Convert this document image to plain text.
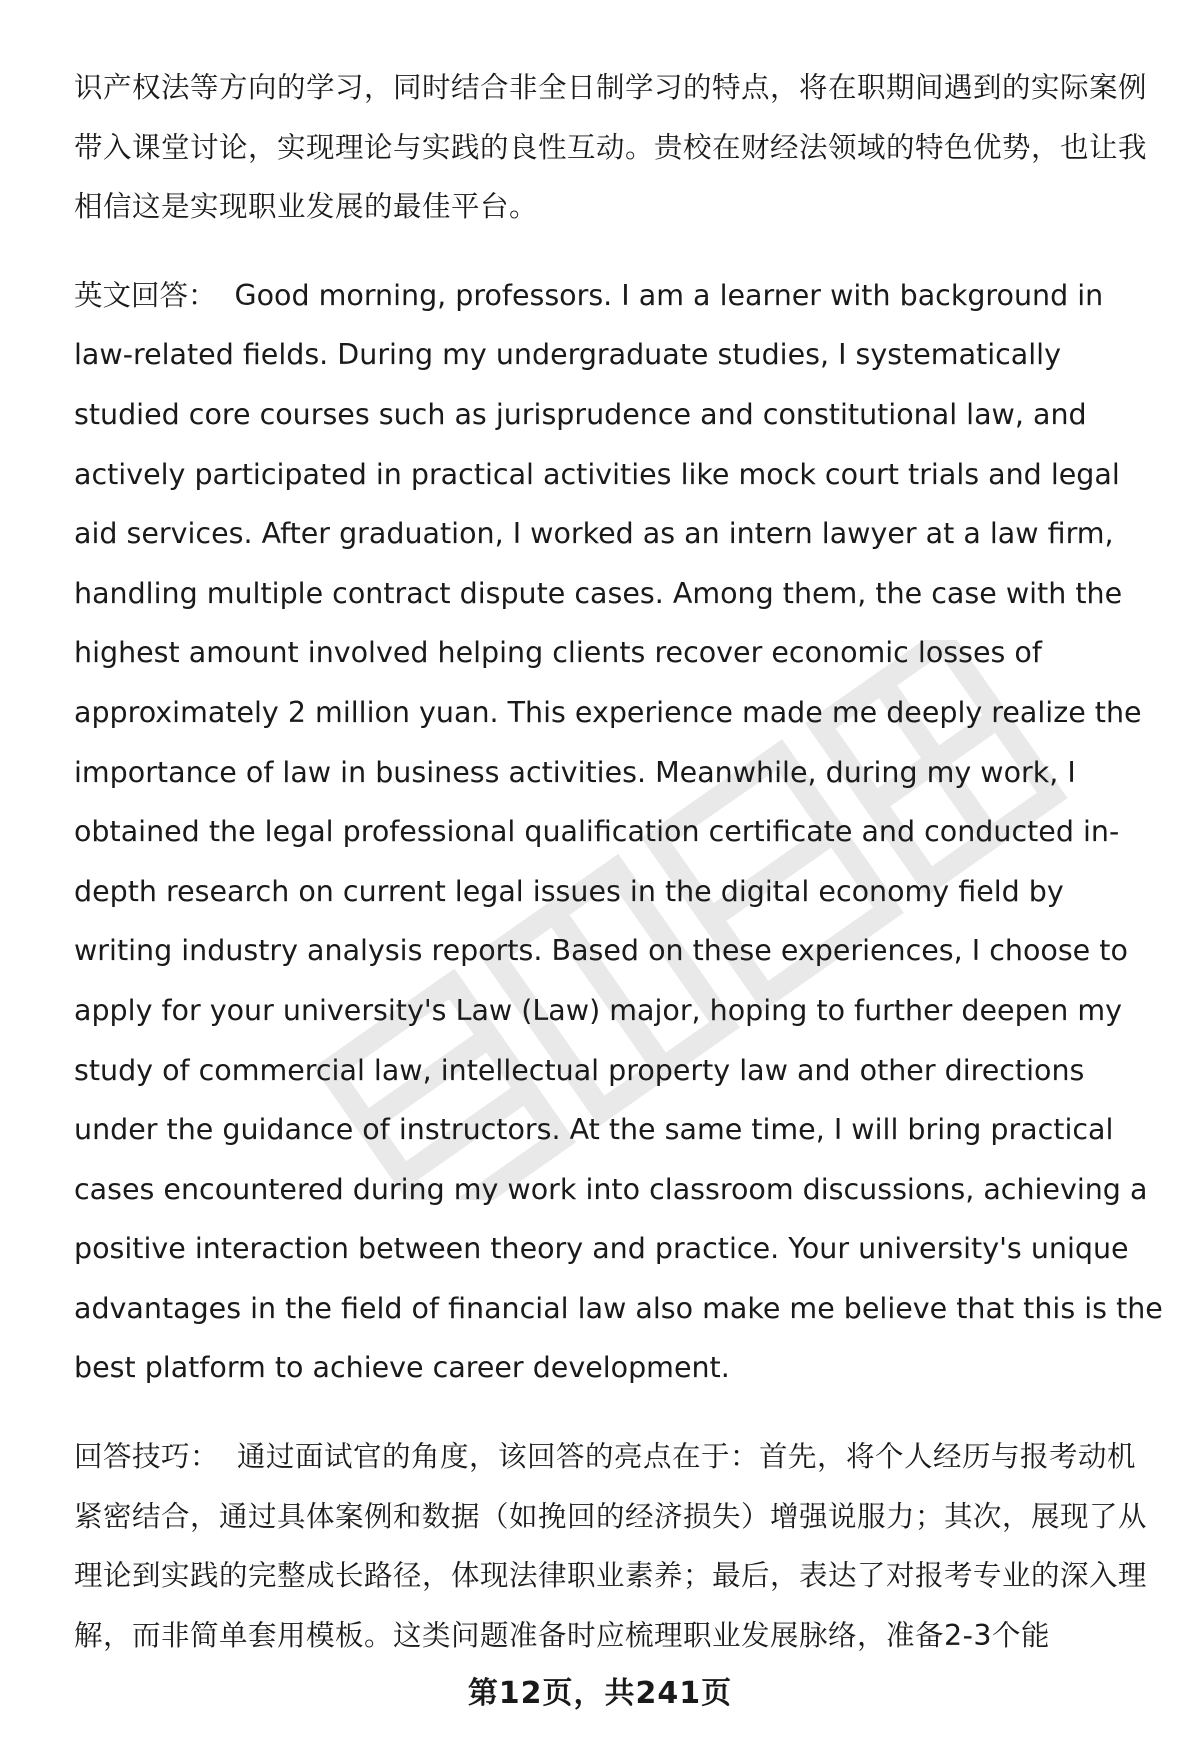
识产权法等方向的学习，同时结合非全日制学习的特点，将在职期间遇到的实际案例带入课堂讨论，实现理论与实践的良性互动。贵校在财经法领域的特色优势，也让我相信这是实现职业发展的最佳平台。

英文回答： Good morning, professors. I am a learner with background in law-related fields. During my undergraduate studies, I systematically studied core courses such as jurisprudence and constitutional law, and actively participated in practical activities like mock court trials and legal aid services. After graduation, I worked as an intern lawyer at a law firm, handling multiple contract dispute cases. Among them, the case with the highest amount involved helping clients recover economic losses of approximately 2 million yuan. This experience made me deeply realize the importance of law in business activities. Meanwhile, during my work, I obtained the legal professional qualification certificate and conducted in-depth research on current legal issues in the digital economy field by writing industry analysis reports. Based on these experiences, I choose to apply for your university's Law (Law) major, hoping to further deepen my study of commercial law, intellectual property law and other directions under the guidance of instructors. At the same time, I will bring practical cases encountered during my work into classroom discussions, achieving a positive interaction between theory and practice. Your university's unique advantages in the field of financial law also make me believe that this is the best platform to achieve career development.

回答技巧： 通过面试官的角度，该回答的亮点在于：首先，将个人经历与报考动机紧密结合，通过具体案例和数据（如挽回的经济损失）增强说服力；其次，展现了从理论到实践的完整成长路径，体现法律职业素养；最后，表达了对报考专业的深入理解，而非简单套用模板。这类问题准备时应梳理职业发展脉络，准备2-3个能

第12页，共241页
